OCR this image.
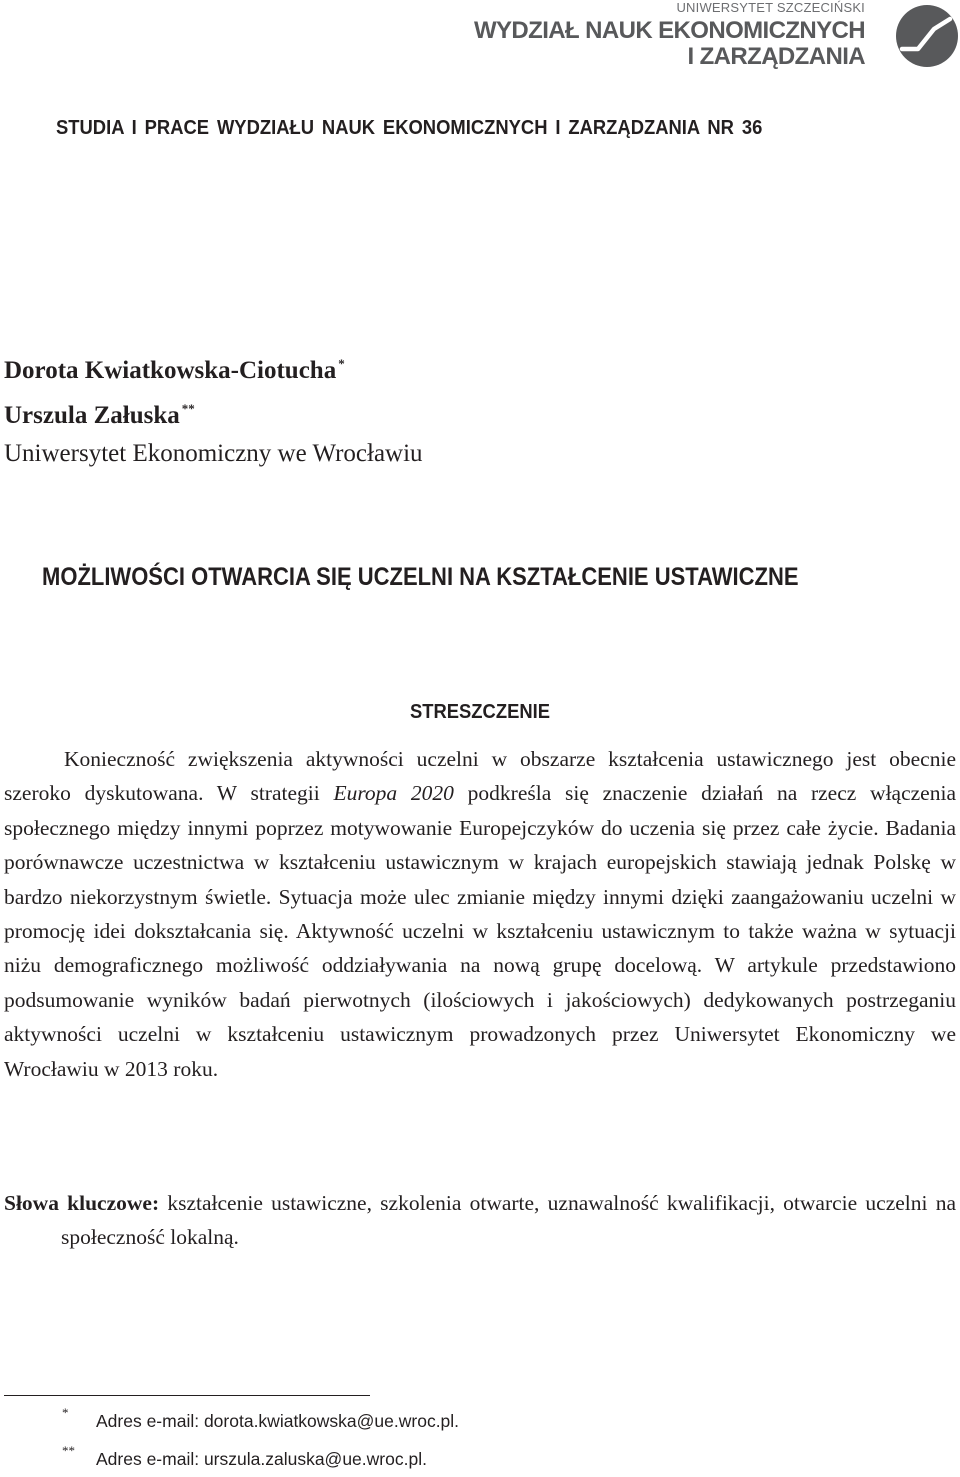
UNIWERSYTET SZCZECIŃSKI
WYDZIAŁ NAUK EKONOMICZNYCH
I ZARZĄDZANIA
STUDIA I PRACE WYDZIAŁU NAUK EKONOMICZNYCH I ZARZĄDZANIA NR 36
Dorota Kwiatkowska-Ciotucha *
Urszula Załuska **
Uniwersytet Ekonomiczny we Wrocławiu
MOŻLIWOŚCI OTWARCIA SIĘ UCZELNI NA KSZTAŁCENIE USTAWICZNE
STRESZCZENIE
Konieczność zwiększenia aktywności uczelni w obszarze kształcenia ustawicznego jest obecnie szeroko dyskutowana. W strategii Europa 2020 podkreśla się znaczenie działań na rzecz włączenia społecznego między innymi poprzez motywowanie Europejczyków do uczenia się przez całe życie. Badania porównawcze uczestnictwa w kształceniu ustawicznym w krajach europejskich stawiają jednak Polskę w bardzo niekorzystnym świetle. Sytuacja może ulec zmianie między innymi dzięki zaangażowaniu uczelni w promocję idei dokształcania się. Aktywność uczelni w kształceniu ustawicznym to także ważna w sytuacji niżu demograficznego możliwość oddziaływania na nową grupę docelową. W artykule przedstawiono podsumowanie wyników badań pierwotnych (ilościowych i jakościowych) dedykowanych postrzeganiu aktywności uczelni w kształceniu ustawicznym prowadzonych przez Uniwersytet Ekonomiczny we Wrocławiu w 2013 roku.
Słowa kluczowe: kształcenie ustawiczne, szkolenia otwarte, uznawalność kwalifikacji, otwarcie uczelni na społeczność lokalną.
* Adres e-mail: dorota.kwiatkowska@ue.wroc.pl.
** Adres e-mail: urszula.zaluska@ue.wroc.pl.
